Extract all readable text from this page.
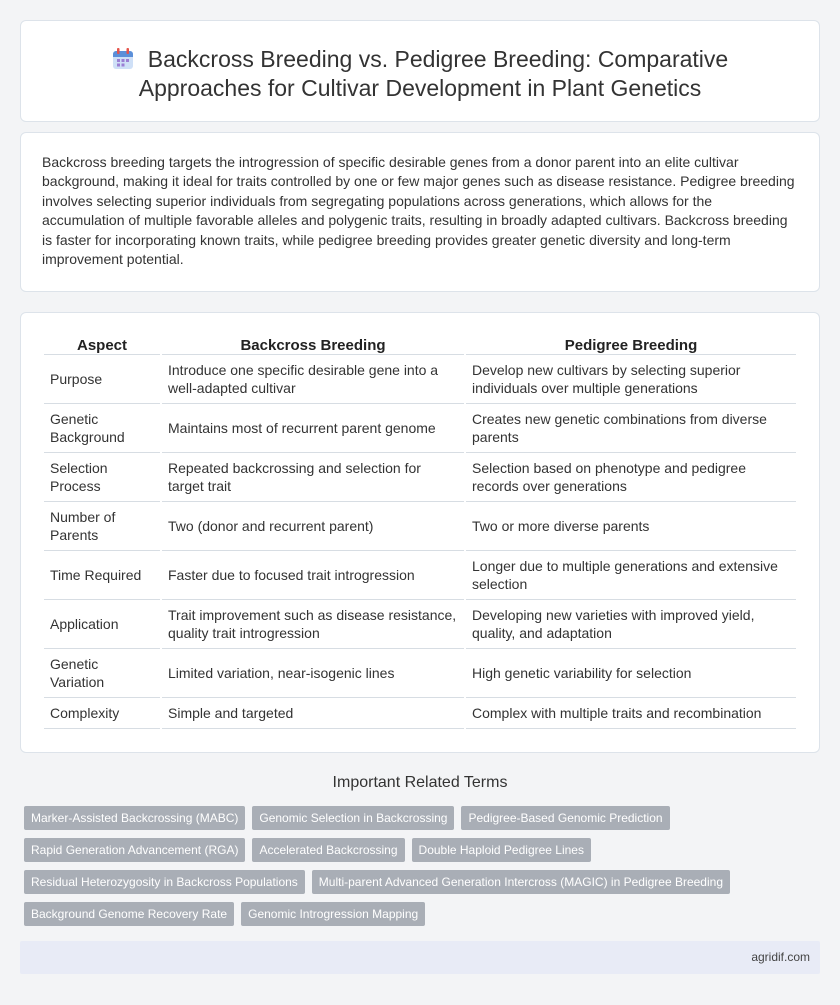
Backcross Breeding vs. Pedigree Breeding: Comparative Approaches for Cultivar Development in Plant Genetics

Backcross breeding targets the introgression of specific desirable genes from a donor parent into an elite cultivar background, making it ideal for traits controlled by one or few major genes such as disease resistance. Pedigree breeding involves selecting superior individuals from segregating populations across generations, which allows for the accumulation of multiple favorable alleles and polygenic traits, resulting in broadly adapted cultivars. Backcross breeding is faster for incorporating known traits, while pedigree breeding provides greater genetic diversity and long-term improvement potential.

Aspect	Backcross Breeding	Pedigree Breeding
Purpose	Introduce one specific desirable gene into a well-adapted cultivar	Develop new cultivars by selecting superior individuals over multiple generations
Genetic Background	Maintains most of recurrent parent genome	Creates new genetic combinations from diverse parents
Selection Process	Repeated backcrossing and selection for target trait	Selection based on phenotype and pedigree records over generations
Number of Parents	Two (donor and recurrent parent)	Two or more diverse parents
Time Required	Faster due to focused trait introgression	Longer due to multiple generations and extensive selection
Application	Trait improvement such as disease resistance, quality trait introgression	Developing new varieties with improved yield, quality, and adaptation
Genetic Variation	Limited variation, near-isogenic lines	High genetic variability for selection
Complexity	Simple and targeted	Complex with multiple traits and recombination
Important Related Terms
Marker-Assisted Backcrossing (MABC)	Genomic Selection in Backcrossing	Pedigree-Based Genomic Prediction
Rapid Generation Advancement (RGA)	Accelerated Backcrossing	Double Haploid Pedigree Lines
Residual Heterozygosity in Backcross Populations	Multi-parent Advanced Generation Intercross (MAGIC) in Pedigree Breeding
Background Genome Recovery Rate	Genomic Introgression Mapping
agridif.com
